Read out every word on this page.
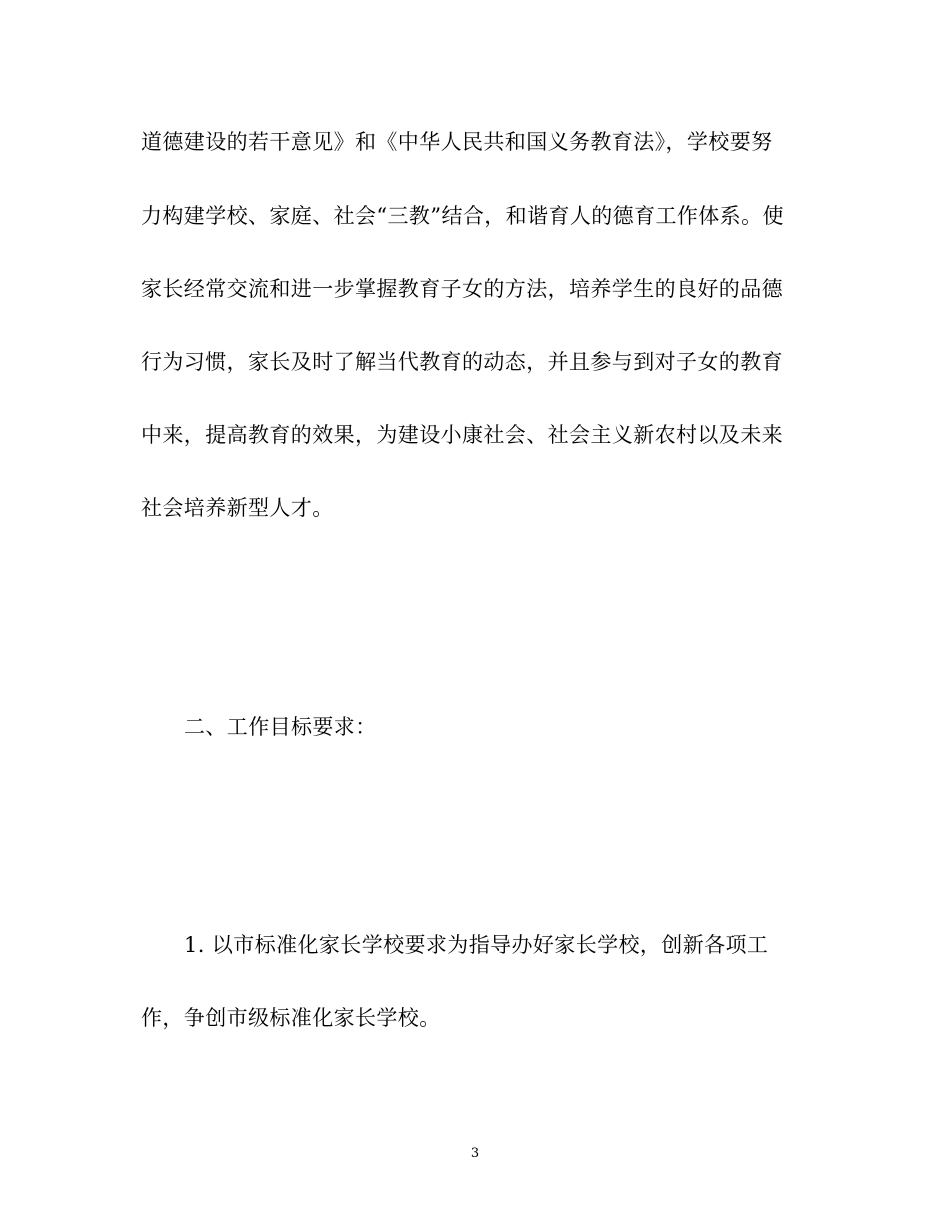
道德建设的若干意见》和《中华人民共和国义务教育法》，学校要努
力构建学校、家庭、社会“三教”结合，和谐育人的德育工作体系。使
家长经常交流和进一步掌握教育子女的方法，培养学生的良好的品德
行为习惯，家长及时了解当代教育的动态，并且参与到对子女的教育
中来，提高教育的效果，为建设小康社会、社会主义新农村以及未来
社会培养新型人才。
二、工作目标要求：
1. 以市标准化家长学校要求为指导办好家长学校，创新各项工
作，争创市级标准化家长学校。
3
